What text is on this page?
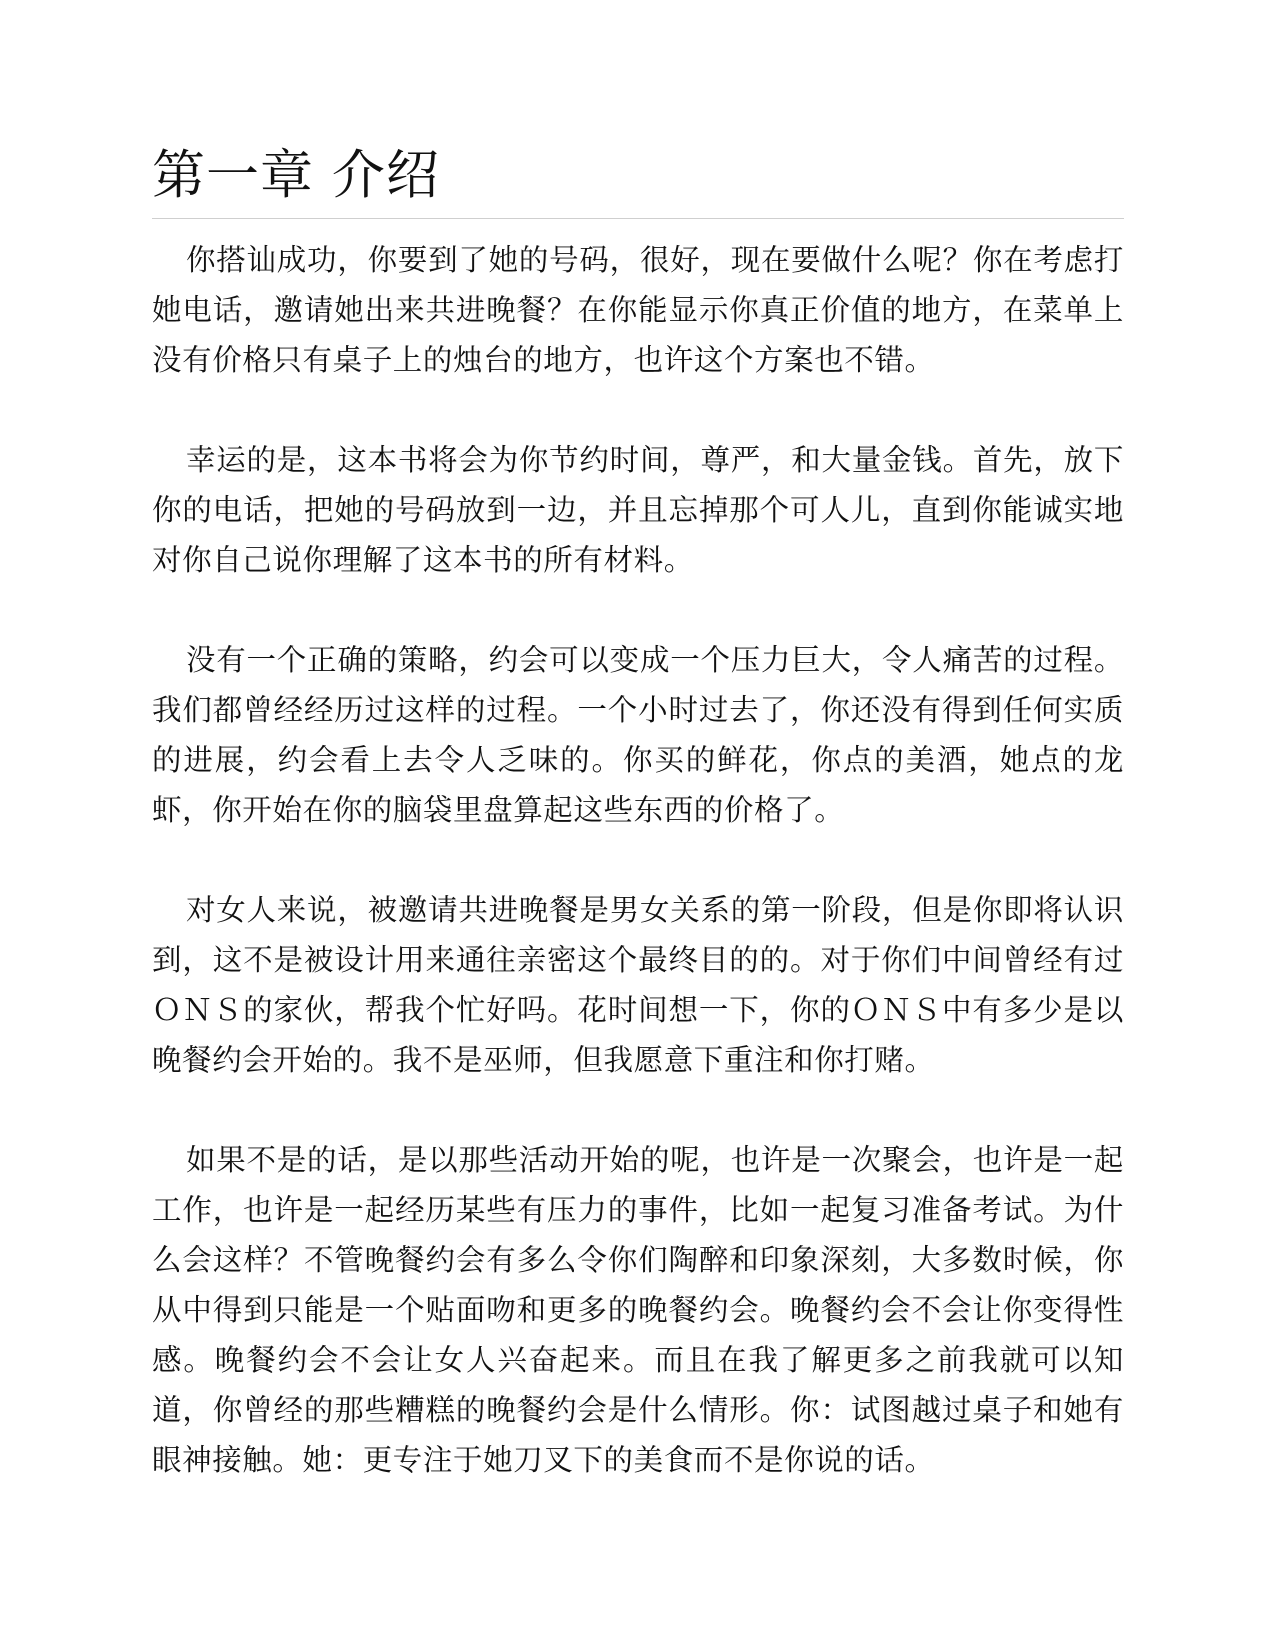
第一章 介绍

你搭讪成功，你要到了她的号码，很好，现在要做什么呢？你在考虑打她电话，邀请她出来共进晚餐？在你能显示你真正价值的地方，在菜单上没有价格只有桌子上的烛台的地方，也许这个方案也不错。

幸运的是，这本书将会为你节约时间，尊严，和大量金钱。首先，放下你的电话，把她的号码放到一边，并且忘掉那个可人儿，直到你能诚实地对你自己说你理解了这本书的所有材料。

没有一个正确的策略，约会可以变成一个压力巨大，令人痛苦的过程。我们都曾经经历过这样的过程。一个小时过去了，你还没有得到任何实质的进展，约会看上去令人乏味的。你买的鲜花，你点的美酒，她点的龙虾，你开始在你的脑袋里盘算起这些东西的价格了。

对女人来说，被邀请共进晚餐是男女关系的第一阶段，但是你即将认识到，这不是被设计用来通往亲密这个最终目的的。对于你们中间曾经有过ＯＮＳ的家伙，帮我个忙好吗。花时间想一下，你的ＯＮＳ中有多少是以晚餐约会开始的。我不是巫师，但我愿意下重注和你打赌。

如果不是的话，是以那些活动开始的呢，也许是一次聚会，也许是一起工作，也许是一起经历某些有压力的事件，比如一起复习准备考试。为什么会这样？不管晚餐约会有多么令你们陶醉和印象深刻，大多数时候，你从中得到只能是一个贴面吻和更多的晚餐约会。晚餐约会不会让你变得性感。晚餐约会不会让女人兴奋起来。而且在我了解更多之前我就可以知道，你曾经的那些糟糕的晚餐约会是什么情形。你：试图越过桌子和她有眼神接触。她：更专注于她刀叉下的美食而不是你说的话。
